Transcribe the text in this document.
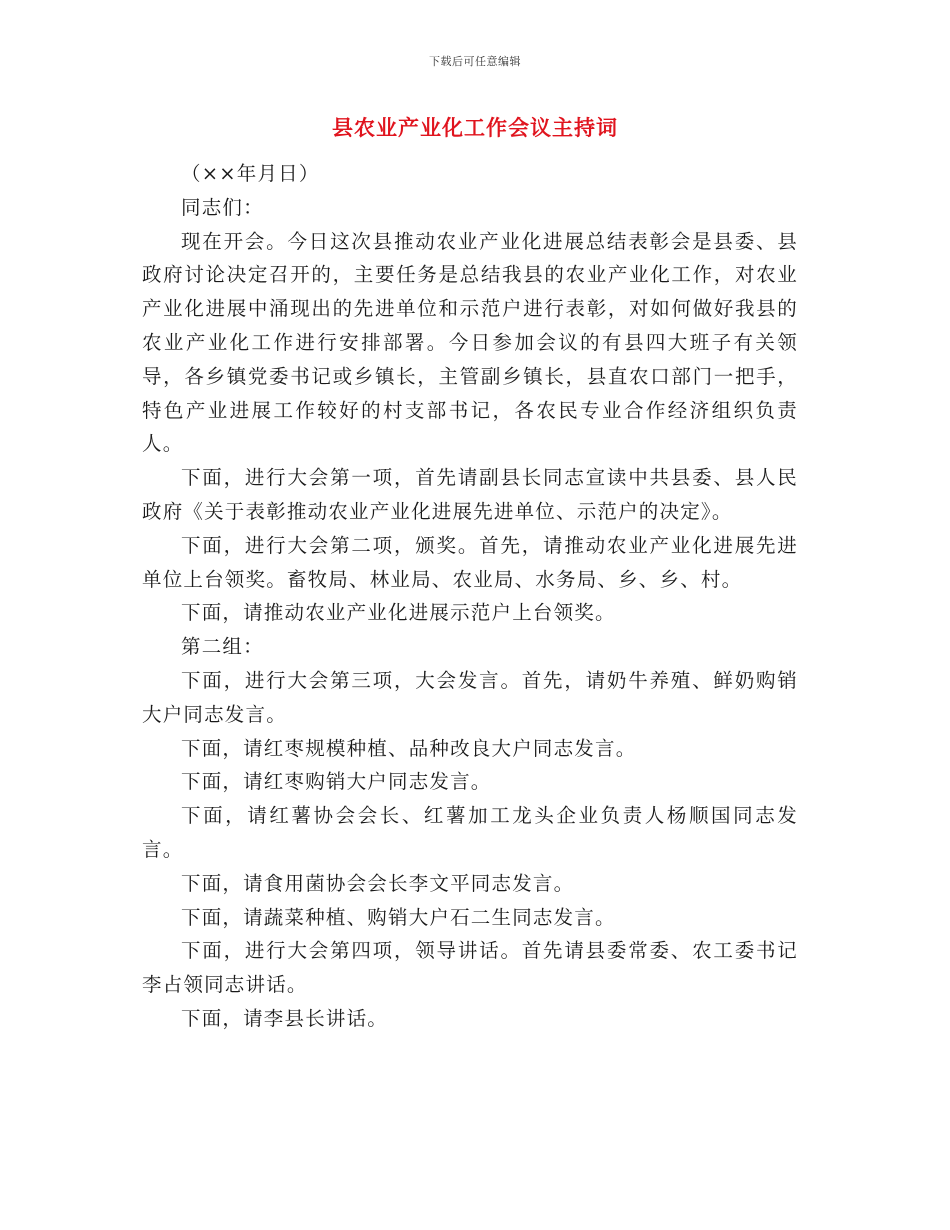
下载后可任意编辑
县农业产业化工作会议主持词

（××年月日）

同志们：

现在开会。今日这次县推动农业产业化进展总结表彰会是县委、县政府讨论决定召开的，主要任务是总结我县的农业产业化工作，对农业产业化进展中涌现出的先进单位和示范户进行表彰，对如何做好我县的农业产业化工作进行安排部署。今日参加会议的有县四大班子有关领导，各乡镇党委书记或乡镇长，主管副乡镇长，县直农口部门一把手，特色产业进展工作较好的村支部书记，各农民专业合作经济组织负责人。

下面，进行大会第一项，首先请副县长同志宣读中共县委、县人民政府《关于表彰推动农业产业化进展先进单位、示范户的决定》。

下面，进行大会第二项，颁奖。首先，请推动农业产业化进展先进单位上台领奖。畜牧局、林业局、农业局、水务局、乡、乡、村。

下面，请推动农业产业化进展示范户上台领奖。

第二组：

下面，进行大会第三项，大会发言。首先，请奶牛养殖、鲜奶购销大户同志发言。

下面，请红枣规模种植、品种改良大户同志发言。

下面，请红枣购销大户同志发言。

下面，请红薯协会会长、红薯加工龙头企业负责人杨顺国同志发言。

下面，请食用菌协会会长李文平同志发言。

下面，请蔬菜种植、购销大户石二生同志发言。

下面，进行大会第四项，领导讲话。首先请县委常委、农工委书记李占领同志讲话。

下面，请李县长讲话。
